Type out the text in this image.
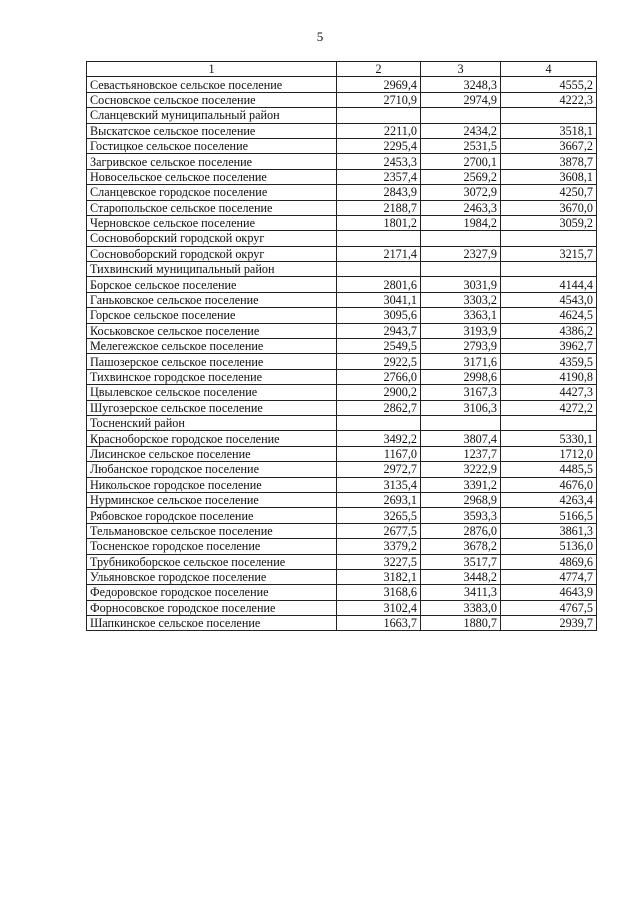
5
1	2	3	4
Севастьяновское сельское поселение	2969,4	3248,3	4555,2
Сосновское сельское поселение	2710,9	2974,9	4222,3
Сланцевский муниципальный район			
Выскатское сельское поселение	2211,0	2434,2	3518,1
Гостицкое сельское поселение	2295,4	2531,5	3667,2
Загривское сельское поселение	2453,3	2700,1	3878,7
Новосельское сельское поселение	2357,4	2569,2	3608,1
Сланцевское городское поселение	2843,9	3072,9	4250,7
Старопольское сельское поселение	2188,7	2463,3	3670,0
Черновское сельское поселение	1801,2	1984,2	3059,2
Сосновоборский городской округ			
Сосновоборский городской округ	2171,4	2327,9	3215,7
Тихвинский муниципальный район			
Борское сельское поселение	2801,6	3031,9	4144,4
Ганьковское сельское поселение	3041,1	3303,2	4543,0
Горское сельское поселение	3095,6	3363,1	4624,5
Коськовское сельское поселение	2943,7	3193,9	4386,2
Мелегежское сельское поселение	2549,5	2793,9	3962,7
Пашозерское сельское поселение	2922,5	3171,6	4359,5
Тихвинское городское поселение	2766,0	2998,6	4190,8
Цвылевское сельское поселение	2900,2	3167,3	4427,3
Шугозерское сельское поселение	2862,7	3106,3	4272,2
Тосненский район			
Красноборское городское поселение	3492,2	3807,4	5330,1
Лисинское сельское поселение	1167,0	1237,7	1712,0
Любанское городское поселение	2972,7	3222,9	4485,5
Никольское городское поселение	3135,4	3391,2	4676,0
Нурминское сельское поселение	2693,1	2968,9	4263,4
Рябовское городское поселение	3265,5	3593,3	5166,5
Тельмановское сельское поселение	2677,5	2876,0	3861,3
Тосненское городское поселение	3379,2	3678,2	5136,0
Трубникоборское сельское поселение	3227,5	3517,7	4869,6
Ульяновское городское поселение	3182,1	3448,2	4774,7
Федоровское городское поселение	3168,6	3411,3	4643,9
Форносовское городское поселение	3102,4	3383,0	4767,5
Шапкинское сельское поселение	1663,7	1880,7	2939,7
